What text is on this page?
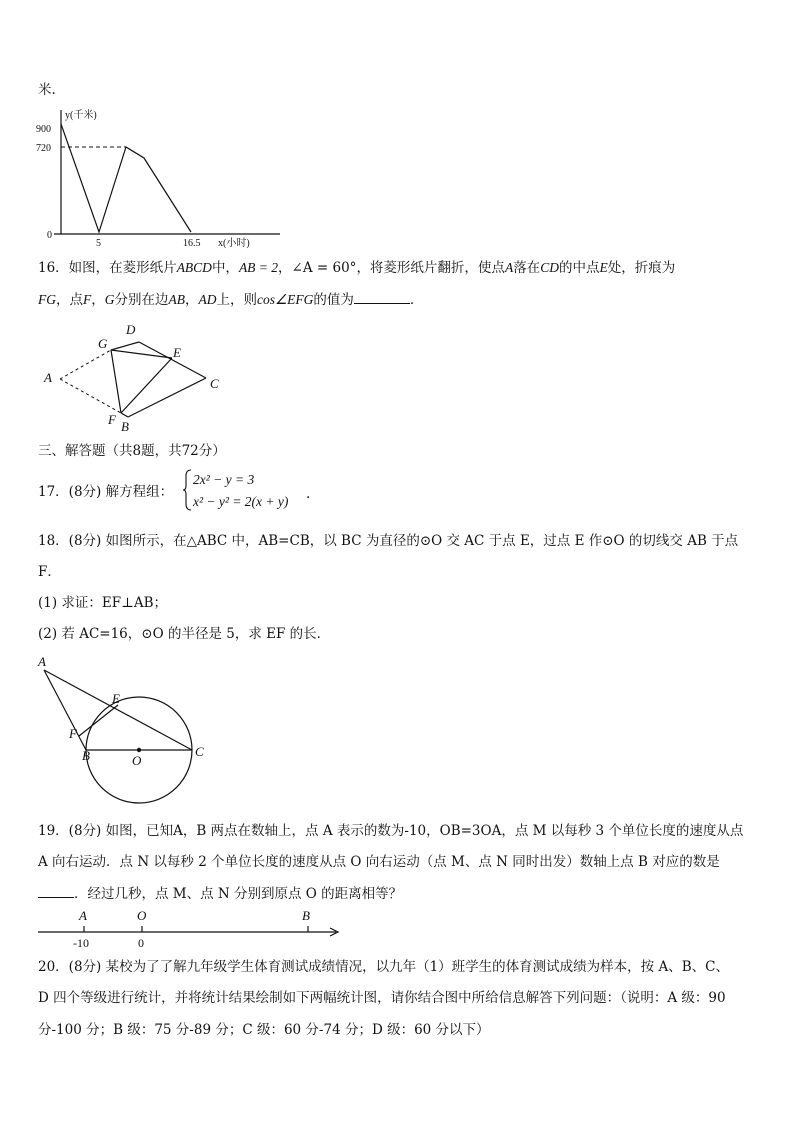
米.
y(千米)
x(小时)
900
720
0
5	16.5
16．如图，在菱形纸片ABCD中，AB = 2，∠A = 60°，将菱形纸片翻折，使点A落在CD的中点E处，折痕为
FG，点F，G分别在边AB，AD上，则cos∠EFG的值为	．
D
G
E
A	C
F B
三、解答题（共8题，共72分）
17．(8分) 解方程组：
2x² − y = 3
x² − y² = 2(x + y) .
18．(8分) 如图所示，在△ABC 中，AB=CB，以 BC 为直径的⊙O 交 AC 于点 E，过点 E 作⊙O 的切线交 AB 于点
F．
(1) 求证：EF⊥AB；
(2) 若 AC=16，⊙O 的半径是 5，求 EF 的长．
A
E
F
B	O
C
19．(8分) 如图，已知A，B 两点在数轴上，点 A 表示的数为-10，OB=3OA，点 M 以每秒 3 个单位长度的速度从点
A 向右运动．点 N 以每秒 2 个单位长度的速度从点 O 向右运动（点 M、点 N 同时出发）数轴上点 B 对应的数是
．经过几秒，点 M、点 N 分别到原点 O 的距离相等？
A	O	B
-10	0
20．(8分) 某校为了了解九年级学生体育测试成绩情况，以九年（1）班学生的体育测试成绩为样本，按 A、B、C、
D 四个等级进行统计，并将统计结果绘制如下两幅统计图，请你结合图中所给信息解答下列问题：（说明：A 级：90
分-100 分；B 级：75 分-89 分；C 级：60 分-74 分；D 级：60 分以下）
